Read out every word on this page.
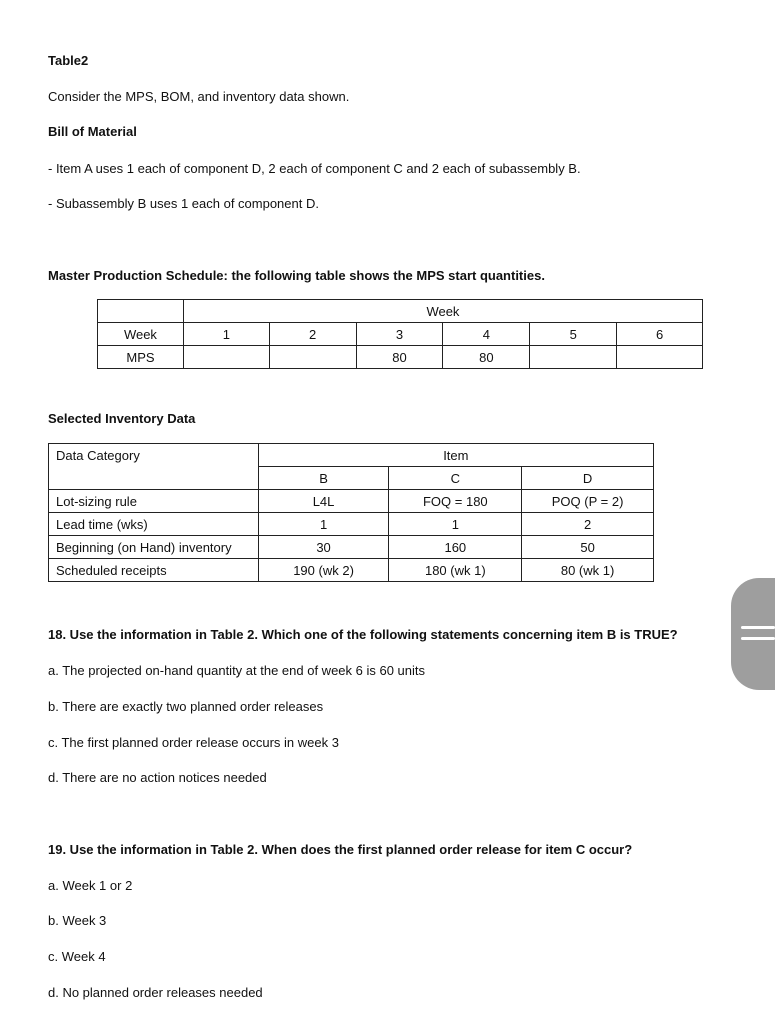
Table2
Consider the MPS, BOM, and inventory data shown.
Bill of Material
- Item A uses 1 each of component D, 2 each of component C and 2 each of subassembly B.
- Subassembly B uses 1 each of component D.
Master Production Schedule: the following table shows the MPS start quantities.
	Week					
Week	1	2	3	4	5	6
MPS			80	80		
Selected Inventory Data
Data Category	Item		
	B	C	D
Lot-sizing rule	L4L	FOQ = 180	POQ (P = 2)
Lead time (wks)	1	1	2
Beginning (on Hand) inventory	30	160	50
Scheduled receipts	190 (wk 2)	180 (wk 1)	80 (wk 1)
18. Use the information in Table 2. Which one of the following statements concerning item B is TRUE?
a. The projected on-hand quantity at the end of week 6 is 60 units
b. There are exactly two planned order releases
c. The first planned order release occurs in week 3
d. There are no action notices needed
19. Use the information in Table 2. When does the first planned order release for item C occur?
a. Week 1 or 2
b. Week 3
c. Week 4
d. No planned order releases needed
